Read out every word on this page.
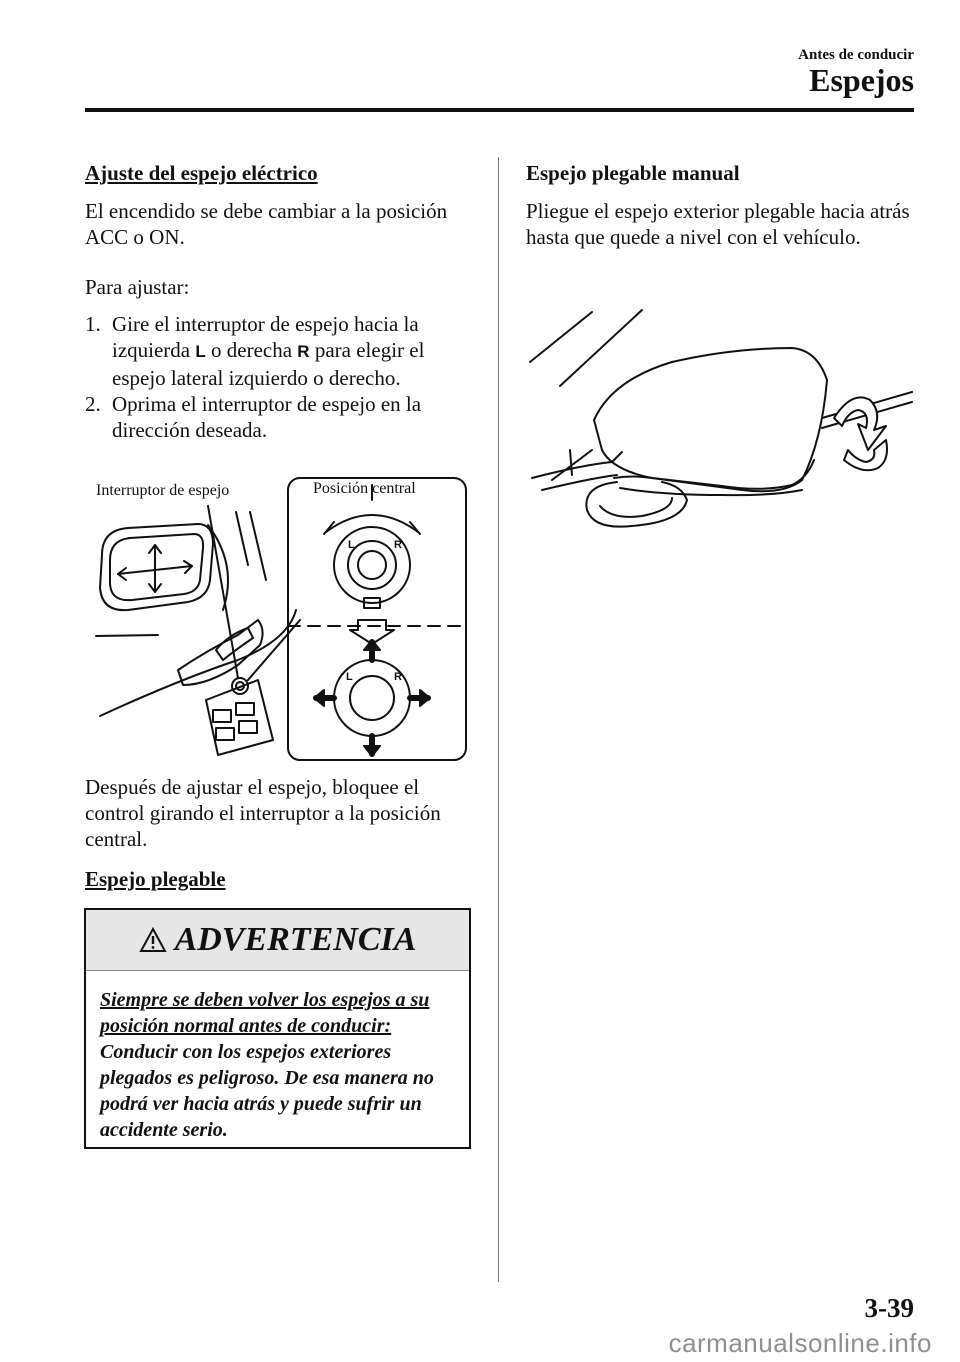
Antes de conducir
Espejos
Ajuste del espejo eléctrico

El encendido se debe cambiar a la posición ACC o ON.

Para ajustar:

1. Gire el interruptor de espejo hacia la izquierda L o derecha R para elegir el espejo lateral izquierdo o derecho.
2. Oprima el interruptor de espejo en la dirección deseada.
Interruptor de espejo	Posición central
L	R
L	R

Después de ajustar el espejo, bloquee el control girando el interruptor a la posición central.

Espejo plegable
ADVERTENCIA
Siempre se deben volver los espejos a su posición normal antes de conducir: Conducir con los espejos exteriores plegados es peligroso. De esa manera no podrá ver hacia atrás y puede sufrir un accidente serio.
Espejo plegable manual

Pliegue el espejo exterior plegable hacia atrás hasta que quede a nivel con el vehículo.

3-39
carmanualsonline.info
